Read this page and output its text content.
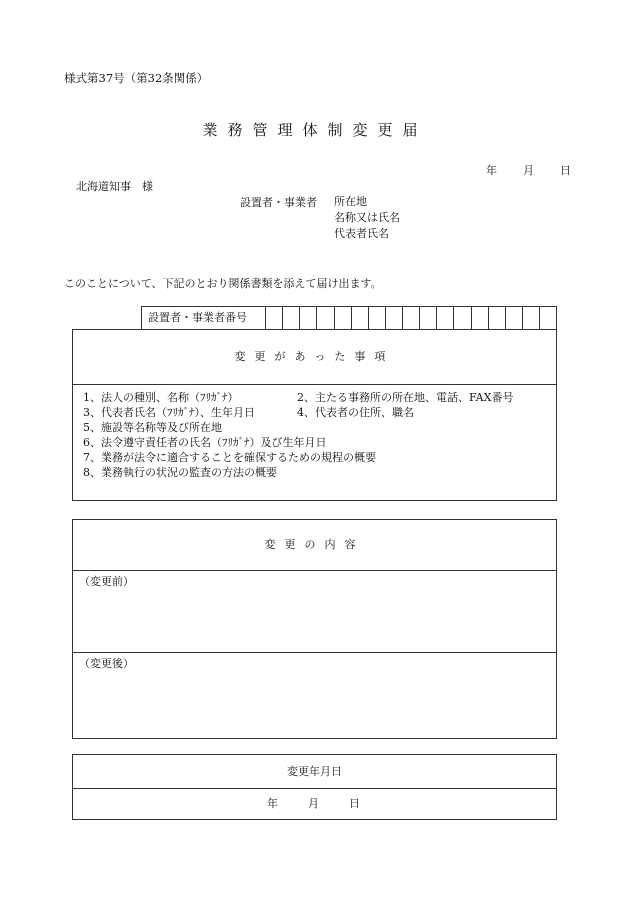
様式第37号（第32条関係）
業務管理体制変更届
年 月 日
北海道知事　様
設置者・事業者 所在地
名称又は氏名
代表者氏名
このことについて、下記のとおり関係書類を添えて届け出ます。
設置者・事業者番号
変更があった事項
1、法人の種別、名称（ﾌﾘｶﾞﾅ）	2、主たる事務所の所在地、電話、FAX番号
3、代表者氏名（ﾌﾘｶﾞﾅ）、生年月日	4、代表者の住所、職名
5、施設等名称等及び所在地
6、法令遵守責任者の氏名（ﾌﾘｶﾞﾅ）及び生年月日
7、業務が法令に適合することを確保するための規程の概要
8、業務執行の状況の監査の方法の概要
変更の内容
（変更前）
（変更後）
変更年月日
年	月	日
